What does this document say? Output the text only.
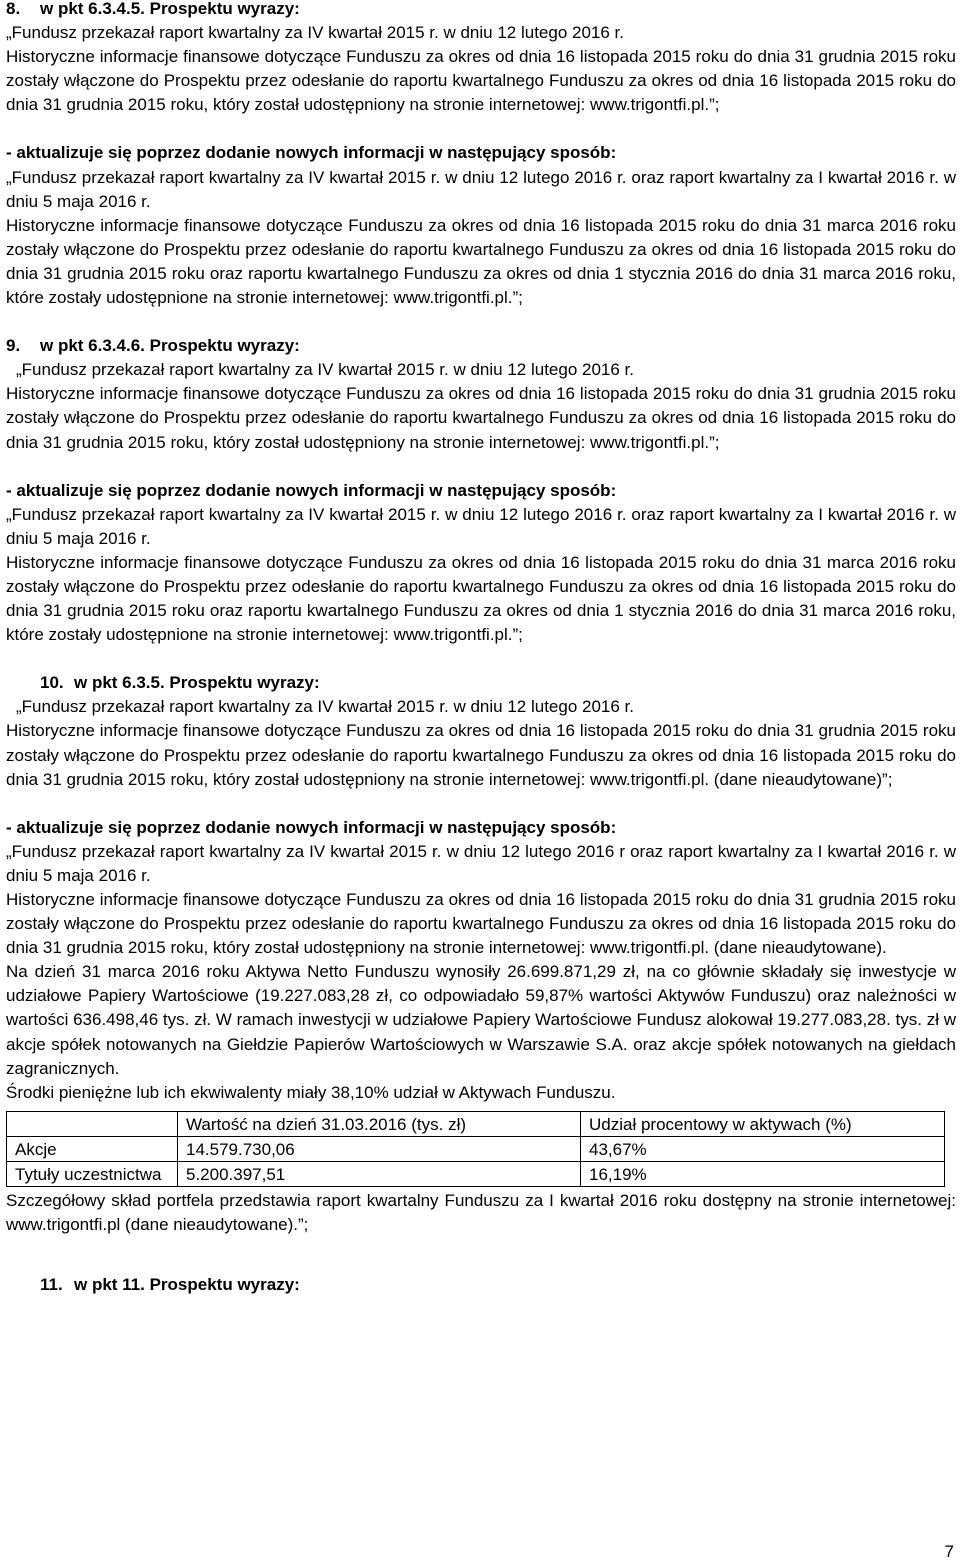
8. w pkt 6.3.4.5. Prospektu wyrazy:

„Fundusz przekazał raport kwartalny za IV kwartał 2015 r. w dniu 12 lutego 2016 r.

Historyczne informacje finansowe dotyczące Funduszu za okres od dnia 16 listopada 2015 roku do dnia 31 grudnia 2015 roku zostały włączone do Prospektu przez odesłanie do raportu kwartalnego Funduszu za okres od dnia 16 listopada 2015 roku do dnia 31 grudnia 2015 roku, który został udostępniony na stronie internetowej: www.trigontfi.pl.”;

- aktualizuje się poprzez dodanie nowych informacji w następujący sposób:

„Fundusz przekazał raport kwartalny za IV kwartał 2015 r. w dniu 12 lutego 2016 r. oraz raport kwartalny za I kwartał 2016 r. w dniu 5 maja 2016 r.

Historyczne informacje finansowe dotyczące Funduszu za okres od dnia 16 listopada 2015 roku do dnia 31 marca 2016 roku zostały włączone do Prospektu przez odesłanie do raportu kwartalnego Funduszu za okres od dnia 16 listopada 2015 roku do dnia 31 grudnia 2015 roku oraz raportu kwartalnego Funduszu za okres od dnia 1 stycznia 2016 do dnia 31 marca 2016 roku, które zostały udostępnione na stronie internetowej: www.trigontfi.pl.”;

9. w pkt 6.3.4.6. Prospektu wyrazy:

„Fundusz przekazał raport kwartalny za IV kwartał 2015 r. w dniu 12 lutego 2016 r.

Historyczne informacje finansowe dotyczące Funduszu za okres od dnia 16 listopada 2015 roku do dnia 31 grudnia 2015 roku zostały włączone do Prospektu przez odesłanie do raportu kwartalnego Funduszu za okres od dnia 16 listopada 2015 roku do dnia 31 grudnia 2015 roku, który został udostępniony na stronie internetowej: www.trigontfi.pl.”;

- aktualizuje się poprzez dodanie nowych informacji w następujący sposób:

„Fundusz przekazał raport kwartalny za IV kwartał 2015 r. w dniu 12 lutego 2016 r. oraz raport kwartalny za I kwartał 2016 r. w dniu 5 maja 2016 r.

Historyczne informacje finansowe dotyczące Funduszu za okres od dnia 16 listopada 2015 roku do dnia 31 marca 2016 roku zostały włączone do Prospektu przez odesłanie do raportu kwartalnego Funduszu za okres od dnia 16 listopada 2015 roku do dnia 31 grudnia 2015 roku oraz raportu kwartalnego Funduszu za okres od dnia 1 stycznia 2016 do dnia 31 marca 2016 roku, które zostały udostępnione na stronie internetowej: www.trigontfi.pl.”;

10. w pkt 6.3.5. Prospektu wyrazy:

„Fundusz przekazał raport kwartalny za IV kwartał 2015 r. w dniu 12 lutego 2016 r.

Historyczne informacje finansowe dotyczące Funduszu za okres od dnia 16 listopada 2015 roku do dnia 31 grudnia 2015 roku zostały włączone do Prospektu przez odesłanie do raportu kwartalnego Funduszu za okres od dnia 16 listopada 2015 roku do dnia 31 grudnia 2015 roku, który został udostępniony na stronie internetowej: www.trigontfi.pl. (dane nieaudytowane)”;

- aktualizuje się poprzez dodanie nowych informacji w następujący sposób:

„Fundusz przekazał raport kwartalny za IV kwartał 2015 r. w dniu 12 lutego 2016 r oraz raport kwartalny za I kwartał 2016 r. w dniu 5 maja 2016 r.

Historyczne informacje finansowe dotyczące Funduszu za okres od dnia 16 listopada 2015 roku do dnia 31 grudnia 2015 roku zostały włączone do Prospektu przez odesłanie do raportu kwartalnego Funduszu za okres od dnia 16 listopada 2015 roku do dnia 31 grudnia 2015 roku, który został udostępniony na stronie internetowej: www.trigontfi.pl. (dane nieaudytowane).

Na dzień 31 marca 2016 roku Aktywa Netto Funduszu wynosiły 26.699.871,29 zł, na co głównie składały się inwestycje w udziałowe Papiery Wartościowe (19.227.083,28 zł, co odpowiadało 59,87% wartości Aktywów Funduszu) oraz należności w wartości 636.498,46 tys. zł. W ramach inwestycji w udziałowe Papiery Wartościowe Fundusz alokował 19.277.083,28. tys. zł w akcje spółek notowanych na Giełdzie Papierów Wartościowych w Warszawie S.A. oraz akcje spółek notowanych na giełdach zagranicznych.

Środki pieniężne lub ich ekwiwalenty miały 38,10% udział w Aktywach Funduszu.

	Wartość na dzień 31.03.2016 (tys. zł)	Udział procentowy w aktywach (%)
Akcje	14.579.730,06	43,67%
Tytuły uczestnictwa	5.200.397,51	16,19%

Szczegółowy skład portfela przedstawia raport kwartalny Funduszu za I kwartał 2016 roku dostępny na stronie internetowej: www.trigontfi.pl (dane nieaudytowane).”;

11. w pkt 11. Prospektu wyrazy:
7
